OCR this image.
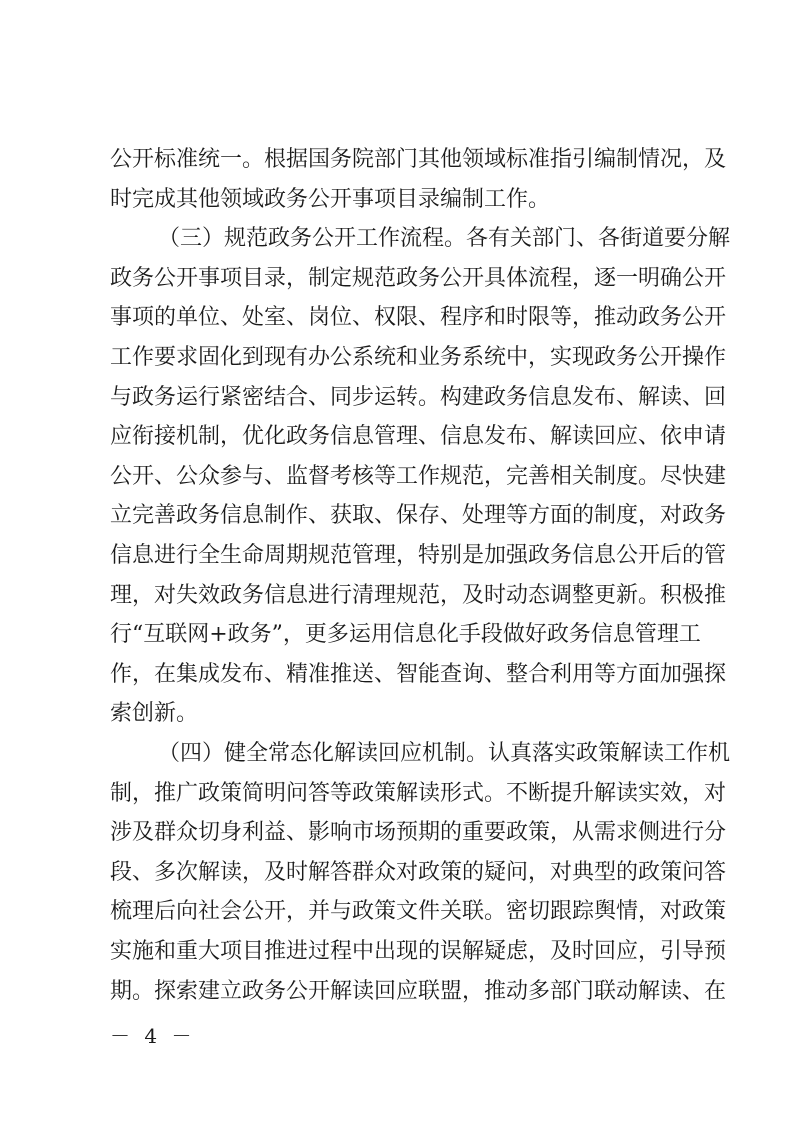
公开标准统一。根据国务院部门其他领域标准指引编制情况，及
时完成其他领域政务公开事项目录编制工作。
（三）规范政务公开工作流程。各有关部门、各街道要分解
政务公开事项目录，制定规范政务公开具体流程，逐一明确公开
事项的单位、处室、岗位、权限、程序和时限等，推动政务公开
工作要求固化到现有办公系统和业务系统中，实现政务公开操作
与政务运行紧密结合、同步运转。构建政务信息发布、解读、回
应衔接机制，优化政务信息管理、信息发布、解读回应、依申请
公开、公众参与、监督考核等工作规范，完善相关制度。尽快建
立完善政务信息制作、获取、保存、处理等方面的制度，对政务
信息进行全生命周期规范管理，特别是加强政务信息公开后的管
理，对失效政务信息进行清理规范，及时动态调整更新。积极推
行“互联网+政务”，更多运用信息化手段做好政务信息管理工
作，在集成发布、精准推送、智能查询、整合利用等方面加强探
索创新。
（四）健全常态化解读回应机制。认真落实政策解读工作机
制，推广政策简明问答等政策解读形式。不断提升解读实效，对
涉及群众切身利益、影响市场预期的重要政策，从需求侧进行分
段、多次解读，及时解答群众对政策的疑问，对典型的政策问答
梳理后向社会公开，并与政策文件关联。密切跟踪舆情，对政策
实施和重大项目推进过程中出现的误解疑虑，及时回应，引导预
期。探索建立政务公开解读回应联盟，推动多部门联动解读、在
－ 4 －
